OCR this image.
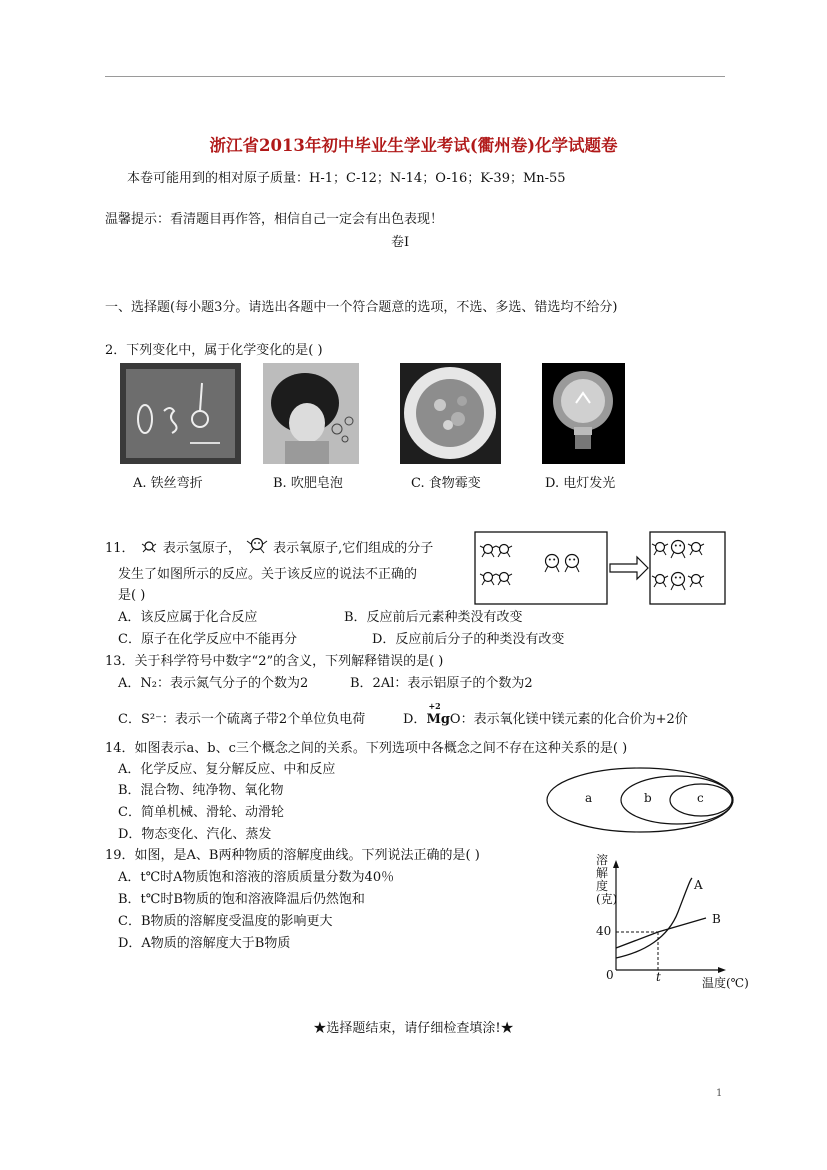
浙江省2013年初中毕业生学业考试(衢州卷)化学试题卷
本卷可能用到的相对原子质量：H-1；C-12；N-14；O-16；K-39；Mn-55
温馨提示：看清题目再作答，相信自己一定会有出色表现！
卷Ⅰ
一、选择题(每小题3分。请选出各题中一个符合题意的选项，不选、多选、错选均不给分)
2．下列变化中，属于化学变化的是( )
A. 铁丝弯折	B. 吹肥皂泡	C. 食物霉变	D. 电灯发光
11． 表示氢原子， 表示氧原子,它们组成的分子
发生了如图所示的反应。关于该反应的说法不正确的
是( )
A．该反应属于化合反应	B．反应前后元素种类没有改变
C．原子在化学反应中不能再分	D．反应前后分子的种类没有改变
13．关于科学符号中数字“2”的含义，下列解释错误的是( )
A．N₂：表示氮气分子的个数为2	B．2Al：表示铝原子的个数为2
C．S²⁻：表示一个硫离子带2个单位负电荷	D．
+2
MgO：表示氧化镁中镁元素的化合价为+2价
14．如图表示a、b、c三个概念之间的关系。下列选项中各概念之间不存在这种关系的是( )
A．化学反应、复分解反应、中和反应
B．混合物、纯净物、氧化物
C．简单机械、滑轮、动滑轮
D．物态变化、汽化、蒸发
a	b	c
19．如图，是A、B两种物质的溶解度曲线。下列说法正确的是( )
A．t℃时A物质饱和溶液的溶质质量分数为40％
B．t℃时B物质的饱和溶液降温后仍然饱和
C．B物质的溶解度受温度的影响更大
D．A物质的溶解度大于B物质
溶解度(克)
40
0	t
A
B
温度(℃)
★选择题结束，请仔细检查填涂!★
1
